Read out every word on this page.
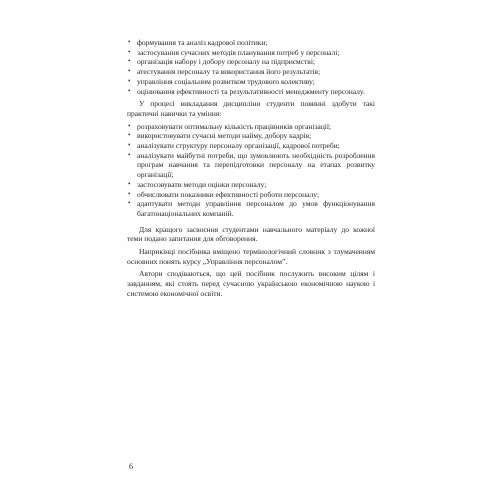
• формування та аналіз кадрової політики;

• застосування сучасних методів планування потреб у персоналі;

• організація набору і добору персоналу на підприємстві;

• атестування персоналу та використання його результатів;

• управління соціальним розвитком трудового колективу;

• оцінювання ефективності та результативності менеджменту персоналу.

У процесі викладання дисципліни студенти повинні здобути такі практичні навички та уміння:

• розраховувати оптимальну кількість працівників організації;

• використовувати сучасні методи найму, добору кадрів;

• аналізувати структуру персоналу організації, кадрової потреби;

• аналізувати майбутні потреби, що зумовлюють необхідність розроблення програм навчання та перепідготовки персоналу на етапах розвитку організації;

• застосовувати методи оцінки персоналу;

• обчислювати показники ефективності роботи персоналу;

• адаптувати методи управління персоналом до умов функціонування багатонаціональних компаній.

Для кращого засвоєння студентами навчального матеріалу до кожної теми подано запитання для обговорення.

Наприкінці посібника вміщено термінологічний словник з тлумаченням основних понять курсу „Управління персоналом”.

Автори сподіваються, що цей посібник послужить високим цілям і завданням, які стоять перед сучасною українською економічною наукою і системою економічної освіти.

6
